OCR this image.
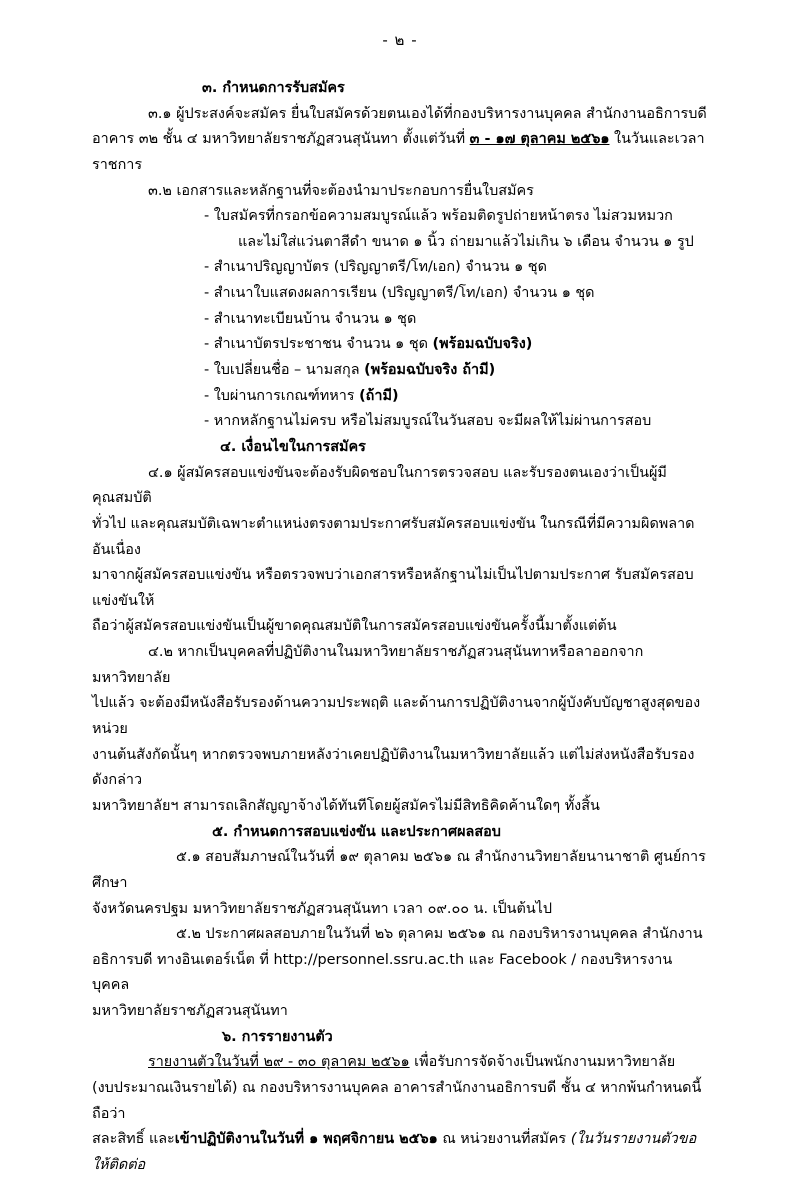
- ๒ -

๓. กำหนดการรับสมัคร

๓.๑ ผู้ประสงค์จะสมัคร ยื่นใบสมัครด้วยตนเองได้ที่กองบริหารงานบุคคล สำนักงานอธิการบดี

อาคาร ๓๒ ชั้น ๔ มหาวิทยาลัยราชภัฏสวนสุนันทา ตั้งแต่วันที่ ๓ - ๑๗ ตุลาคม ๒๕๖๑ ในวันและเวลาราชการ

๓.๒ เอกสารและหลักฐานที่จะต้องนำมาประกอบการยื่นใบสมัคร

- ใบสมัครที่กรอกข้อความสมบูรณ์แล้ว พร้อมติดรูปถ่ายหน้าตรง ไม่สวมหมวก

และไม่ใส่แว่นตาสีดำ ขนาด ๑ นิ้ว ถ่ายมาแล้วไม่เกิน ๖ เดือน จำนวน ๑ รูป

- สำเนาปริญญาบัตร (ปริญญาตรี/โท/เอก) จำนวน ๑ ชุด

- สำเนาใบแสดงผลการเรียน (ปริญญาตรี/โท/เอก) จำนวน ๑ ชุด

- สำเนาทะเบียนบ้าน จำนวน ๑ ชุด

- สำเนาบัตรประชาชน จำนวน ๑ ชุด (พร้อมฉบับจริง)

- ใบเปลี่ยนชื่อ – นามสกุล (พร้อมฉบับจริง ถ้ามี)

- ใบผ่านการเกณฑ์ทหาร (ถ้ามี)

- หากหลักฐานไม่ครบ หรือไม่สมบูรณ์ในวันสอบ จะมีผลให้ไม่ผ่านการสอบ

๔. เงื่อนไขในการสมัคร

๔.๑ ผู้สมัครสอบแข่งขันจะต้องรับผิดชอบในการตรวจสอบ และรับรองตนเองว่าเป็นผู้มีคุณสมบัติ

ทั่วไป และคุณสมบัติเฉพาะตำแหน่งตรงตามประกาศรับสมัครสอบแข่งขัน ในกรณีที่มีความผิดพลาด อันเนื่อง

มาจากผู้สมัครสอบแข่งขัน หรือตรวจพบว่าเอกสารหรือหลักฐานไม่เป็นไปตามประกาศ รับสมัครสอบแข่งขันให้

ถือว่าผู้สมัครสอบแข่งขันเป็นผู้ขาดคุณสมบัติในการสมัครสอบแข่งขันครั้งนี้มาตั้งแต่ต้น

๔.๒ หากเป็นบุคคลที่ปฏิบัติงานในมหาวิทยาลัยราชภัฏสวนสุนันทาหรือลาออกจากมหาวิทยาลัย

ไปแล้ว จะต้องมีหนังสือรับรองด้านความประพฤติ และด้านการปฏิบัติงานจากผู้บังคับบัญชาสูงสุดของหน่วย

งานต้นสังกัดนั้นๆ หากตรวจพบภายหลังว่าเคยปฏิบัติงานในมหาวิทยาลัยแล้ว แต่ไม่ส่งหนังสือรับรองดังกล่าว

มหาวิทยาลัยฯ สามารถเลิกสัญญาจ้างได้ทันทีโดยผู้สมัครไม่มีสิทธิคิดค้านใดๆ ทั้งสิ้น

๕. กำหนดการสอบแข่งขัน และประกาศผลสอบ

๕.๑ สอบสัมภาษณ์ในวันที่ ๑๙ ตุลาคม ๒๕๖๑ ณ สำนักงานวิทยาลัยนานาชาติ ศูนย์การศึกษา

จังหวัดนครปฐม มหาวิทยาลัยราชภัฏสวนสุนันทา เวลา ๐๙.๐๐ น. เป็นต้นไป

๕.๒ ประกาศผลสอบภายในวันที่ ๒๖ ตุลาคม ๒๕๖๑ ณ กองบริหารงานบุคคล สำนักงาน

อธิการบดี ทางอินเตอร์เน็ต ที่ http://personnel.ssru.ac.th และ Facebook / กองบริหารงานบุคคล

มหาวิทยาลัยราชภัฏสวนสุนันทา

๖. การรายงานตัว

รายงานตัวในวันที่ ๒๙ - ๓๐ ตุลาคม ๒๕๖๑ เพื่อรับการจัดจ้างเป็นพนักงานมหาวิทยาลัย

(งบประมาณเงินรายได้) ณ กองบริหารงานบุคคล อาคารสำนักงานอธิการบดี ชั้น ๔ หากพ้นกำหนดนี้ถือว่า

สละสิทธิ์ และเข้าปฏิบัติงานในวันที่ ๑ พฤศจิกายน ๒๕๖๑ ณ หน่วยงานที่สมัคร (ในวันรายงานตัวขอให้ติดต่อ
